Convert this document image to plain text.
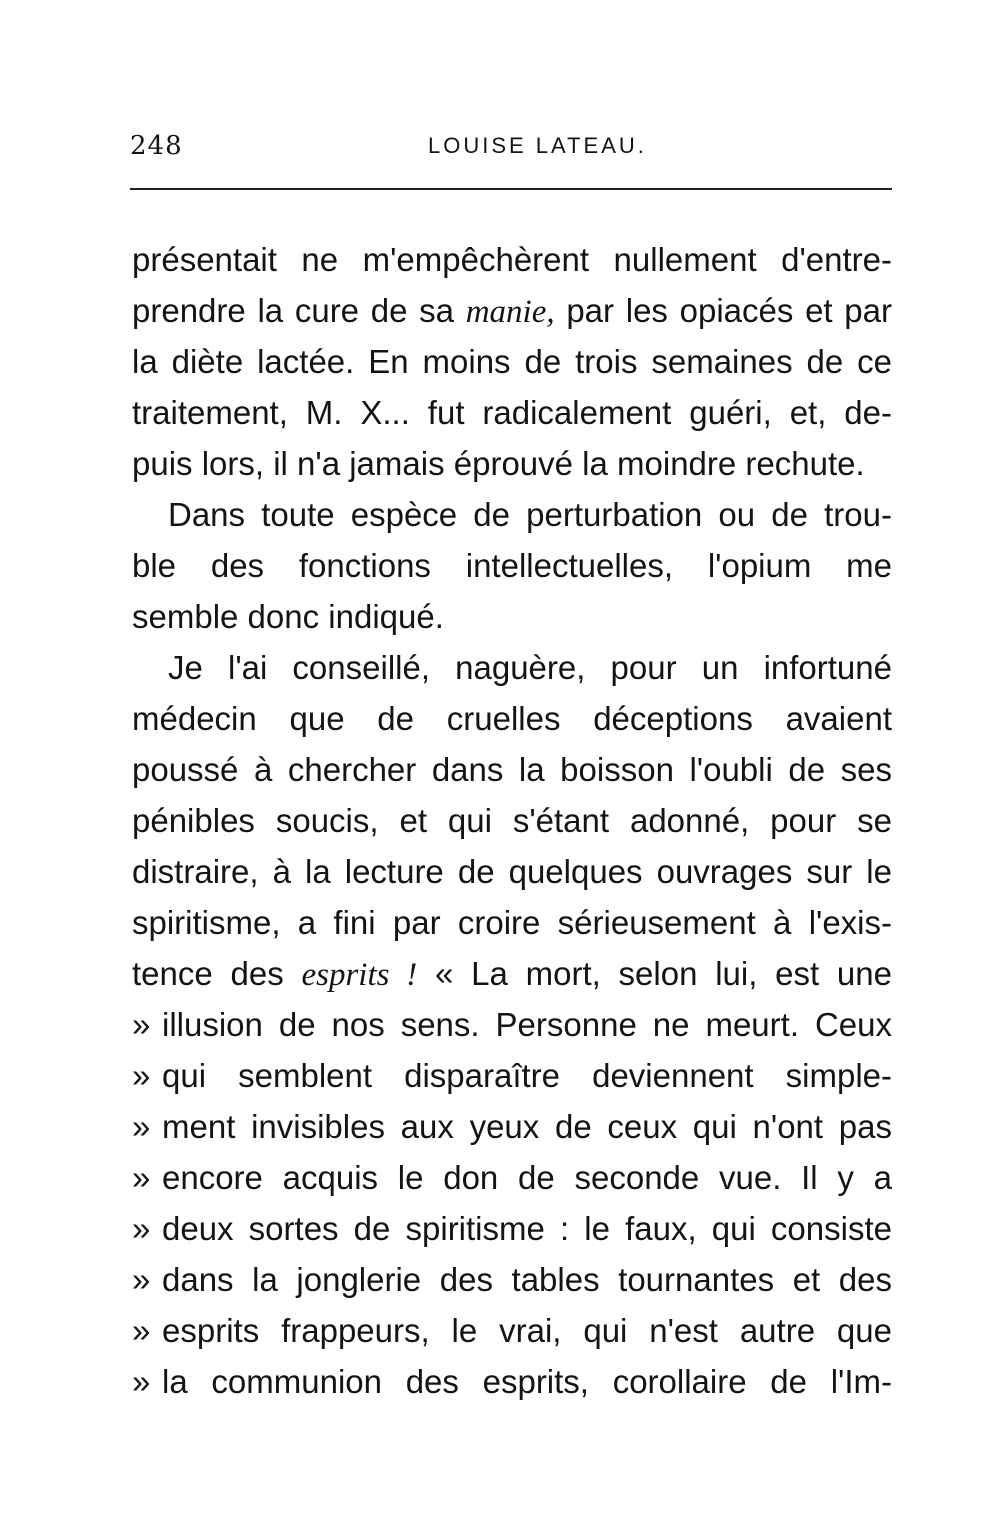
248	LOUISE LATEAU.
présentait ne m'empêchèrent nullement d'entre-
prendre la cure de sa manie, par les opiacés et par
la diète lactée. En moins de trois semaines de ce
traitement, M. X... fut radicalement guéri, et, de-
puis lors, il n'a jamais éprouvé la moindre rechute.
Dans toute espèce de perturbation ou de trou-
ble des fonctions intellectuelles, l'opium me
semble donc indiqué.
Je l'ai conseillé, naguère, pour un infortuné
médecin que de cruelles déceptions avaient
poussé à chercher dans la boisson l'oubli de ses
pénibles soucis, et qui s'étant adonné, pour se
distraire, à la lecture de quelques ouvrages sur le
spiritisme, a fini par croire sérieusement à l'exis-
tence des esprits ! « La mort, selon lui, est une
» illusion de nos sens. Personne ne meurt. Ceux
» qui semblent disparaître deviennent simple-
» ment invisibles aux yeux de ceux qui n'ont pas
» encore acquis le don de seconde vue. Il y a
» deux sortes de spiritisme : le faux, qui consiste
» dans la jonglerie des tables tournantes et des
» esprits frappeurs, le vrai, qui n'est autre que
» la communion des esprits, corollaire de l'Im-
